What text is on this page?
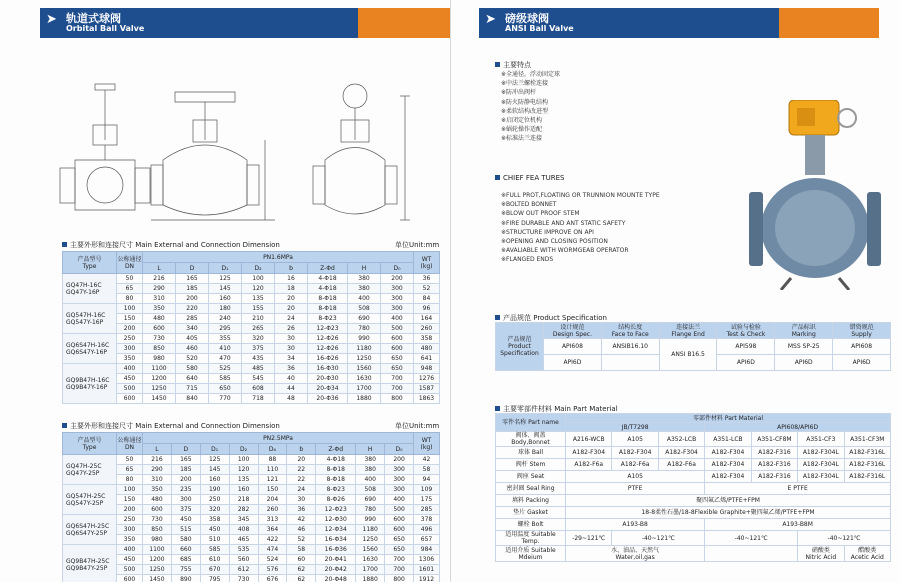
➤ 轨道式球阀
Orbital Ball Valve
主要外形和连接尺寸 Main External and Connection Dimension	单位Unit:mm
产品型号
Type	公称通径
DN	PN1.6MPa								WT
(kg)
		L	D	D₁	D₂	b	Z-Φd	H	D₀	
GQ47H-16C
GQ47Y-16P	50	216	165	125	100	16	4-Φ18	380	200	36
	65	290	185	145	120	18	4-Φ18	380	300	52
	80	310	200	160	135	20	8-Φ18	400	300	84
GQ547H-16C
GQ547Y-16P	100	350	220	180	155	20	8-Φ18	508	300	96
	150	480	285	240	210	24	8-Φ23	690	400	164
	200	600	340	295	265	26	12-Φ23	780	500	260
GQ6S47H-16C
GQ6S47Y-16P	250	730	405	355	320	30	12-Φ26	990	600	358
	300	850	460	410	375	30	12-Φ26	1180	600	480
	350	980	520	470	435	34	16-Φ26	1250	650	641
GQ9B47H-16C
GQ9B47Y-16P	400	1100	580	525	485	36	16-Φ30	1560	650	948
	450	1200	640	585	545	40	20-Φ30	1630	700	1276
	500	1250	715	650	608	44	20-Φ34	1700	700	1587
	600	1450	840	770	718	48	20-Φ36	1880	800	1863
主要外形和连接尺寸 Main External and Connection Dimension	单位Unit:mm
产品型号
Type	公称通径
DN	PN2.5MPa									WT
(kg)
		L	D	D₁	D₂	D₆	b	Z-Φd	H	D₀	
GQ47H-25C
GQ47Y-25P	50	216	165	125	100	88	20	4-Φ18	380	200	42
	65	290	185	145	120	110	22	8-Φ18	380	300	58
	80	310	200	160	135	121	22	8-Φ18	400	300	94
GQ547H-25C
GQ547Y-25P	100	350	235	190	160	150	24	8-Φ23	508	300	109
	150	480	300	250	218	204	30	8-Φ26	690	400	175
	200	600	375	320	282	260	36	12-Φ23	780	500	285
GQ6S47H-25C
GQ6S47Y-25P	250	730	450	358	345	313	42	12-Φ30	990	600	378
	300	850	515	450	408	364	46	12-Φ34	1180	600	496
	350	980	580	510	465	422	52	16-Φ34	1250	650	657
GQ9B47H-25C
GQ9B47Y-25P	400	1100	660	585	535	474	58	16-Φ36	1560	650	984
	450	1200	685	610	560	524	60	20-Φ41	1630	700	1306
	500	1250	755	670	612	576	62	20-Φ42	1700	700	1601
	600	1450	890	795	730	676	62	20-Φ48	1880	800	1912
➤ 磅级球阀
ANSI Ball Valve
主要特点
※全通径，浮动固定球
※中法兰螺栓连接
※防冲出阀杆
※防火防静电结构
※柔软结构改进型
※启闭定位机构
※蜗轮操作适配
※标准法兰连接
CHIEF FEA TURES
※FULL PROT,FLOATING OR TRUNNION MOUNTE TYPE
※BOLTED BONNET
※BLOW OUT PROOF STEM
※FIRE DURABLE AND ANT STATIC SAFETY
※STRUCTURE IMPROVE ON API
※OPENING AND CLOSING POSITION
※AVALIABLE WITH WORMGEAB OPERATOR
※FLANGED ENDS
产品规范 Product Specification
产品规范
Product
Specification	设计规范
Design Spec.	结构长度
Face to Face	连接法兰
Flange End	试验与检验
Test & Check	产品标识
Marking	错资规范
Supply
	API608	ANSIB16.10	ANSI B16.5	API598	MSS SP-25	API608
	API6D			API6D	API6D	API6D
主要零部件材料 Main Part Material
零件名称 Part name	零部件材料 Part Material						
	JB/T7298			API608/API6D			
阀体、阀盖 Body,Bonnet	A216-WCB	A105	A352-LCB	A351-LCB	A351-CF8M	A351-CF3	A351-CF3M
球体 Ball	A182-F304	A182-F304	A182-F304	A182-F304	A182-F316	A182-F304L	A182-F316L
阀杆 Stem	A182-F6a	A182-F6a	A182-F6a	A182-F304	A182-F316	A182-F304L	A182-F316L
阀座 Seat	A105			A182-F304	A182-F316	A182-F304L	A182-F316L
密封圈 Seal Ring	PTFE			E PTFE			
填料 Packing	聚四氟乙烯/PTFE+FPM						
垫片 Gasket	18-8柔性石墨/18-8Flexible Graphite+聚四氟乙烯/PTFE+FPM						
螺栓 Bolt	A193-B8			A193-B8M			
适用温度 Suitable Temp.	-29~121℃	-40~121℃		-40~121℃		-40~121℃	
适用介质 Suitable Mdeium	水、油品、天然气
Water,oil,gas					硝酸类
Nitric Acid	醋酸类
Acetic Acid
